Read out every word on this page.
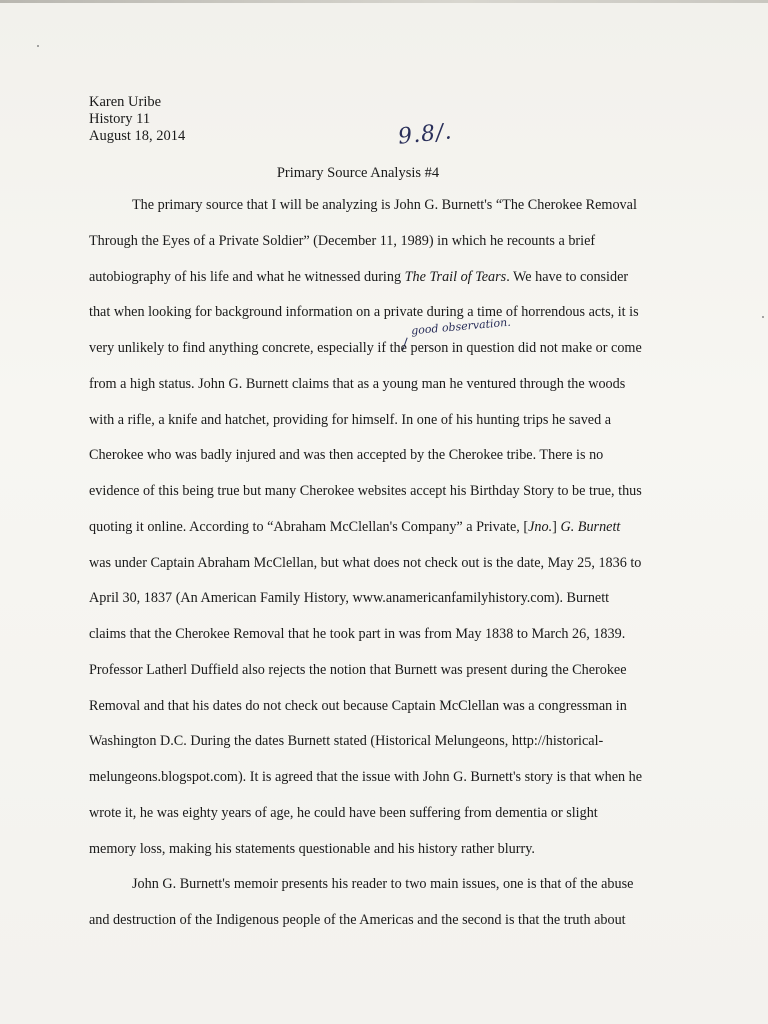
Karen Uribe
History 11
August 18, 2014	9.8/.
Primary Source Analysis #4
good observation.
The primary source that I will be analyzing is John G. Burnett's “The Cherokee Removal
Through the Eyes of a Private Soldier” (December 11, 1989) in which he recounts a brief
autobiography of his life and what he witnessed during The Trail of Tears. We have to consider
that when looking for background information on a private during a time of horrendous acts, it is
very unlikely to find anything concrete, especially if the person in question did not make or come
from a high status. John G. Burnett claims that as a young man he ventured through the woods
with a rifle, a knife and hatchet, providing for himself. In one of his hunting trips he saved a
Cherokee who was badly injured and was then accepted by the Cherokee tribe. There is no
evidence of this being true but many Cherokee websites accept his Birthday Story to be true, thus
quoting it online. According to “Abraham McClellan's Company” a Private, [Jno.] G. Burnett
was under Captain Abraham McClellan, but what does not check out is the date, May 25, 1836 to
April 30, 1837 (An American Family History, www.anamericanfamilyhistory.com). Burnett
claims that the Cherokee Removal that he took part in was from May 1838 to March 26, 1839.
Professor Latherl Duffield also rejects the notion that Burnett was present during the Cherokee
Removal and that his dates do not check out because Captain McClellan was a congressman in
Washington D.C. During the dates Burnett stated (Historical Melungeons, http://historical-
melungeons.blogspot.com). It is agreed that the issue with John G. Burnett's story is that when he
wrote it, he was eighty years of age, he could have been suffering from dementia or slight
memory loss, making his statements questionable and his history rather blurry.
John G. Burnett's memoir presents his reader to two main issues, one is that of the abuse
and destruction of the Indigenous people of the Americas and the second is that the truth about
